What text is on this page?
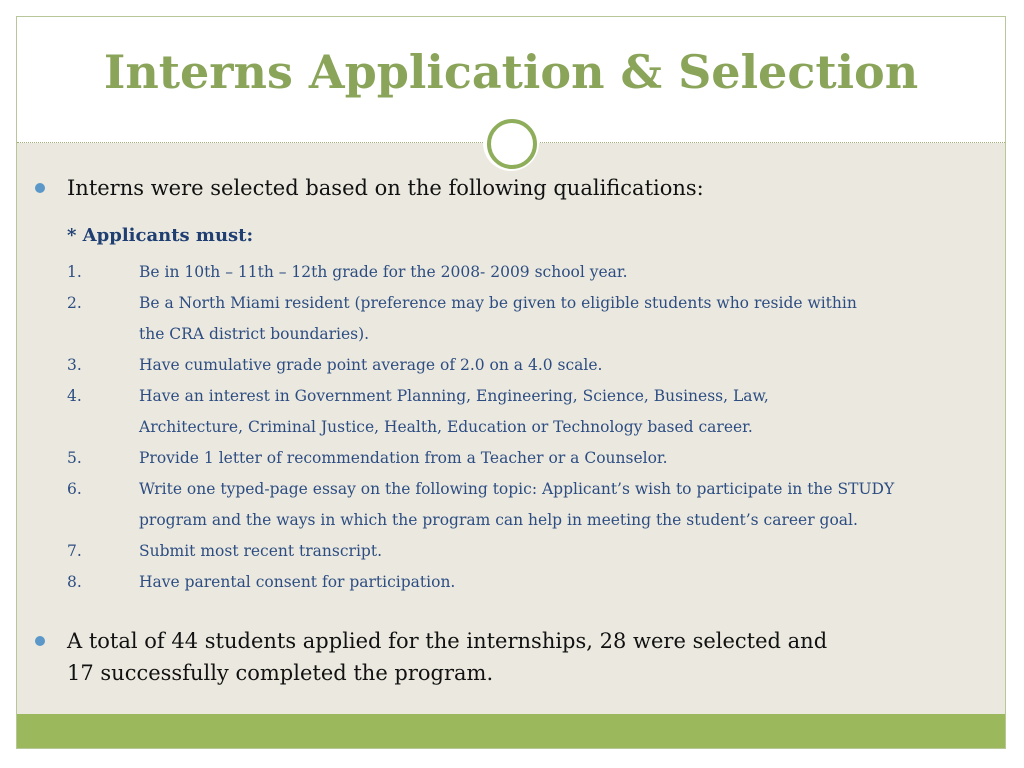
Interns Application & Selection
Interns were selected based on the following qualifications:
* Applicants must:
1.	Be in 10th – 11th – 12th grade for the 2008- 2009 school year.
2.	Be a North Miami resident (preference may be given to eligible students who reside within
the CRA district boundaries).
3.	Have cumulative grade point average of 2.0 on a 4.0 scale.
4.	Have an interest in Government Planning, Engineering, Science, Business, Law,
Architecture, Criminal Justice, Health, Education or Technology based career.
5.	Provide 1 letter of recommendation from a Teacher or a Counselor.
6.	Write one typed-page essay on the following topic: Applicant’s wish to participate in the STUDY
program and the ways in which the program can help in meeting the student’s career goal.
7.	Submit most recent transcript.
8.	Have parental consent for participation.
A total of 44 students applied for the internships, 28 were selected and
17 successfully completed the program.
